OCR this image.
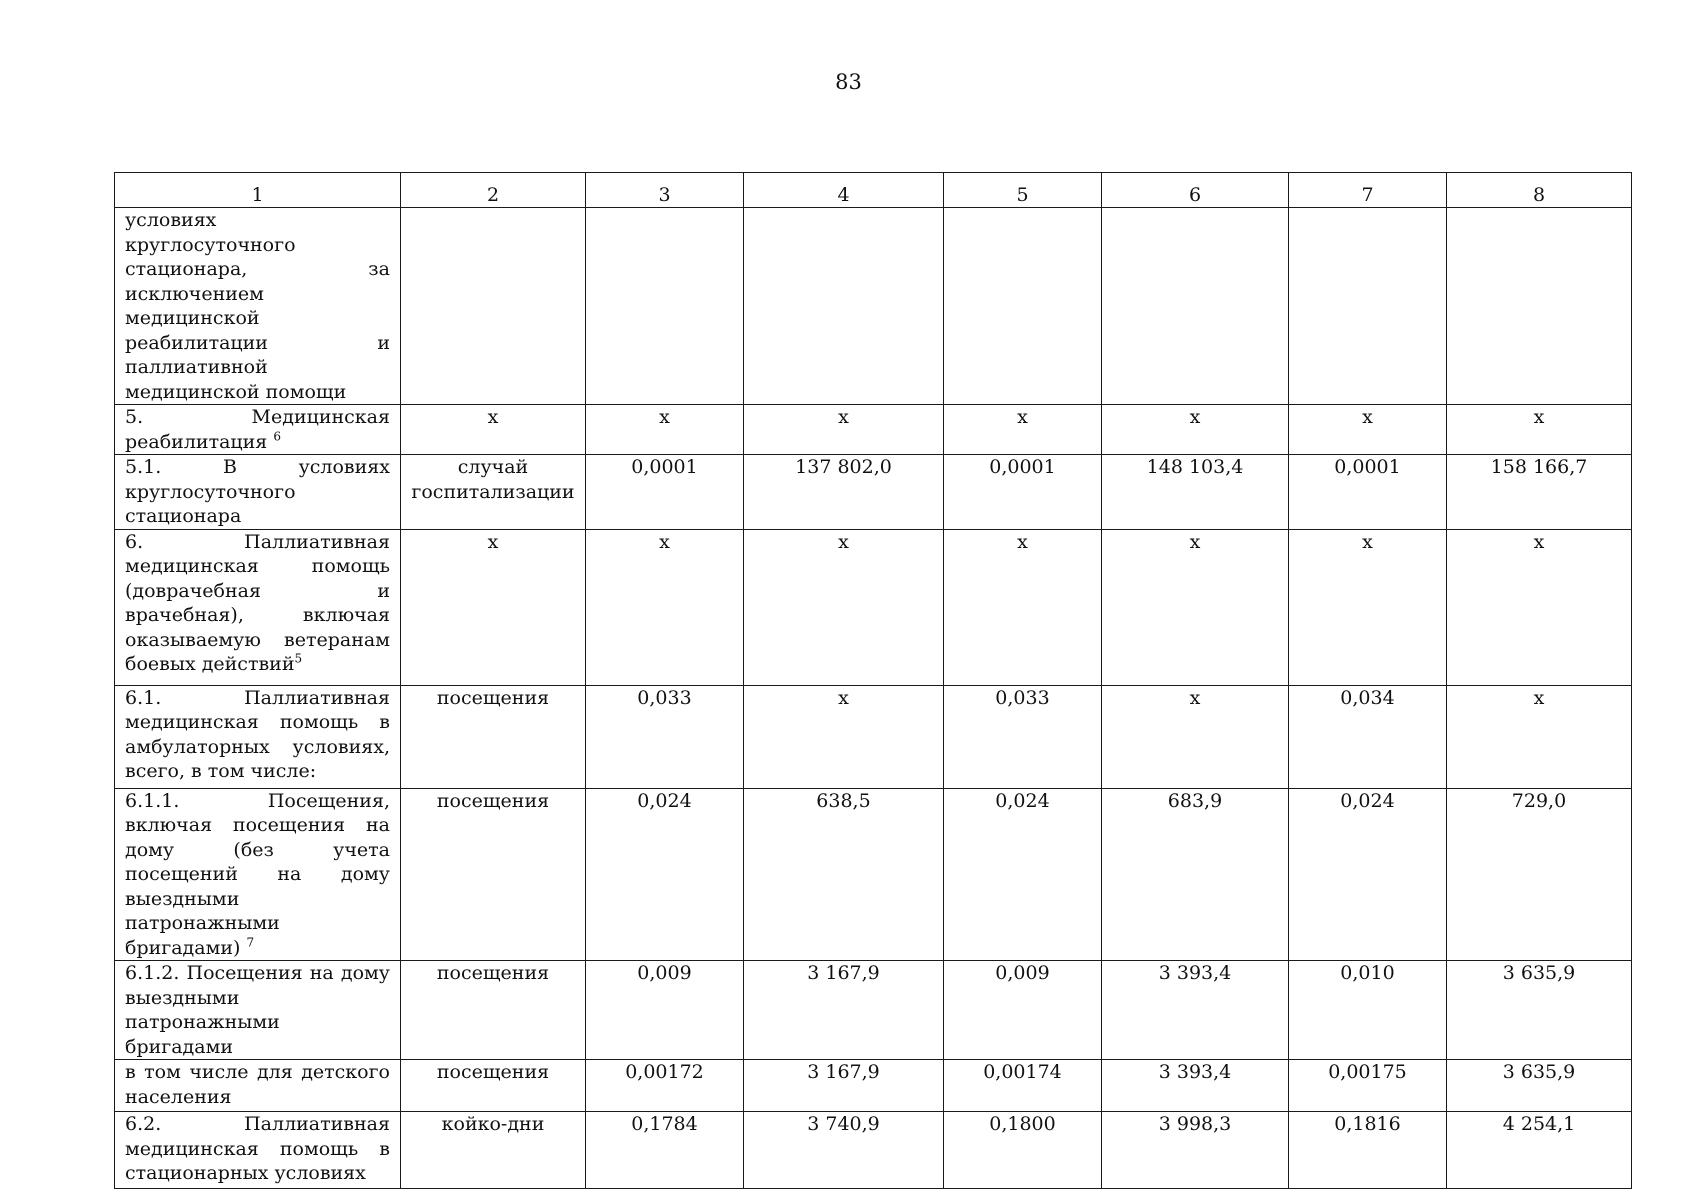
83
1	2	3	4	5	6	7	8
условиях круглосуточного стационара, за исключением медицинской реабилитации и паллиативной медицинской помощи							
5. Медицинская реабилитация $^6$	х	х	х	х	х	х	х
5.1. В условиях круглосуточного стационара	случай госпитализации	0,0001	137 802,0	0,0001	148 103,4	0,0001	158 166,7
6. Паллиативная медицинская помощь (доврачебная и врачебная), включая оказываемую ветеранам боевых действий$^5$	х	х	х	х	х	х	х
6.1. Паллиативная медицинская помощь в амбулаторных условиях, всего, в том числе:	посещения	0,033	х	0,033	х	0,034	х
6.1.1. Посещения, включая посещения на дому (без учета посещений на дому выездными патронажными бригадами) $^7$	посещения	0,024	638,5	0,024	683,9	0,024	729,0
6.1.2. Посещения на дому выездными патронажными бригадами	посещения	0,009	3 167,9	0,009	3 393,4	0,010	3 635,9
в том числе для детского населения	посещения	0,00172	3 167,9	0,00174	3 393,4	0,00175	3 635,9
6.2. Паллиативная медицинская помощь в стационарных условиях	койко-дни	0,1784	3 740,9	0,1800	3 998,3	0,1816	4 254,1
